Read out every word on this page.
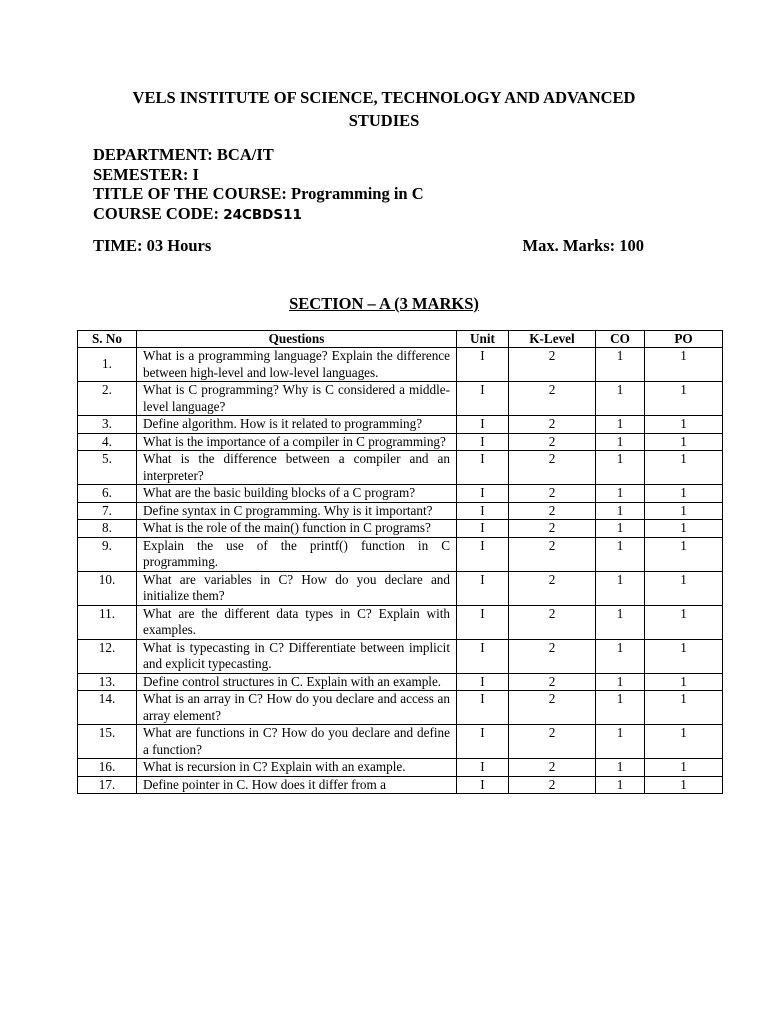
VELS INSTITUTE OF SCIENCE, TECHNOLOGY AND ADVANCED
STUDIES
DEPARTMENT: BCA/IT
SEMESTER: I
TITLE OF THE COURSE: Programming in C
COURSE CODE: 24CBDS11
TIME: 03 Hours	Max. Marks: 100
SECTION – A (3 MARKS)
S. No	Questions	Unit	K-Level	CO	PO
1.	What is a programming language? Explain the difference between high-level and low-level languages.	I	2	1	1
2.	What is C programming? Why is C considered a middle-level language?	I	2	1	1
3.	Define algorithm. How is it related to programming?	I	2	1	1
4.	What is the importance of a compiler in C programming?	I	2	1	1
5.	What is the difference between a compiler and an interpreter?	I	2	1	1
6.	What are the basic building blocks of a C program?	I	2	1	1
7.	Define syntax in C programming. Why is it important?	I	2	1	1
8.	What is the role of the main() function in C programs?	I	2	1	1
9.	Explain the use of the printf() function in C programming.	I	2	1	1
10.	What are variables in C? How do you declare and initialize them?	I	2	1	1
11.	What are the different data types in C? Explain with examples.	I	2	1	1
12.	What is typecasting in C? Differentiate between implicit and explicit typecasting.	I	2	1	1
13.	Define control structures in C. Explain with an example.	I	2	1	1
14.	What is an array in C? How do you declare and access an array element?	I	2	1	1
15.	What are functions in C? How do you declare and define a function?	I	2	1	1
16.	What is recursion in C? Explain with an example.	I	2	1	1
17.	Define pointer in C. How does it differ from a	I	2	1	1
